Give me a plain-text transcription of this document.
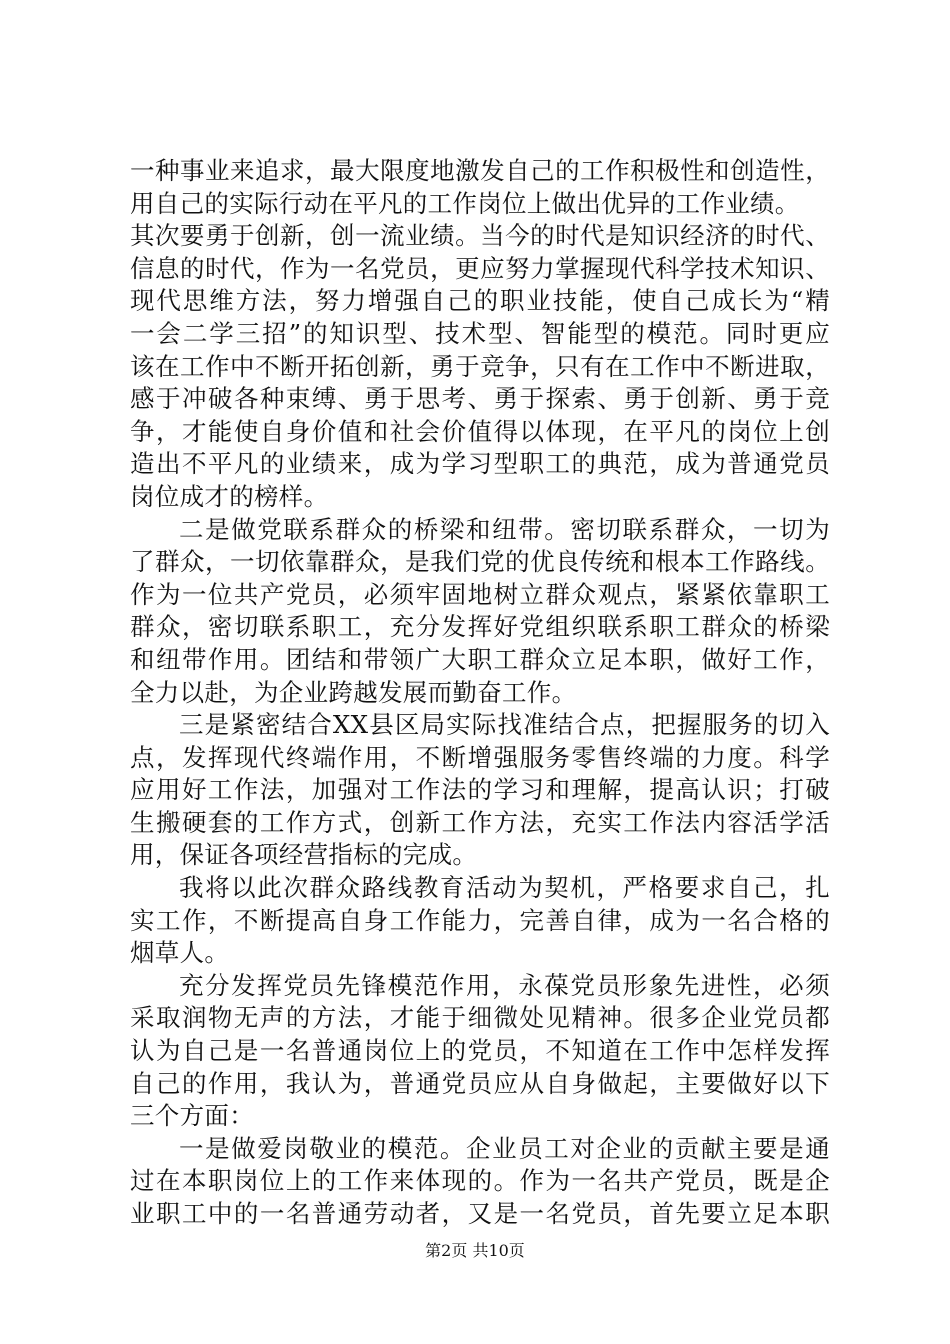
一种事业来追求，最大限度地激发自己的工作积极性和创造性，
用自己的实际行动在平凡的工作岗位上做出优异的工作业绩。
其次要勇于创新，创一流业绩。当今的时代是知识经济的时代、
信息的时代，作为一名党员，更应努力掌握现代科学技术知识、
现代思维方法，努力增强自己的职业技能，使自己成长为“精
一会二学三招”的知识型、技术型、智能型的模范。同时更应
该在工作中不断开拓创新，勇于竞争，只有在工作中不断进取，
感于冲破各种束缚、勇于思考、勇于探索、勇于创新、勇于竞
争，才能使自身价值和社会价值得以体现，在平凡的岗位上创
造出不平凡的业绩来，成为学习型职工的典范，成为普通党员
岗位成才的榜样。
二是做党联系群众的桥梁和纽带。密切联系群众，一切为
了群众，一切依靠群众，是我们党的优良传统和根本工作路线。
作为一位共产党员，必须牢固地树立群众观点，紧紧依靠职工
群众，密切联系职工，充分发挥好党组织联系职工群众的桥梁
和纽带作用。团结和带领广大职工群众立足本职，做好工作，
全力以赴，为企业跨越发展而勤奋工作。
三是紧密结合XX县区局实际找准结合点，把握服务的切入
点，发挥现代终端作用，不断增强服务零售终端的力度。科学
应用好工作法，加强对工作法的学习和理解，提高认识；打破
生搬硬套的工作方式，创新工作方法，充实工作法内容活学活
用，保证各项经营指标的完成。
我将以此次群众路线教育活动为契机，严格要求自己，扎
实工作，不断提高自身工作能力，完善自律，成为一名合格的
烟草人。
充分发挥党员先锋模范作用，永葆党员形象先进性，必须
采取润物无声的方法，才能于细微处见精神。很多企业党员都
认为自己是一名普通岗位上的党员，不知道在工作中怎样发挥
自己的作用，我认为，普通党员应从自身做起，主要做好以下
三个方面：
一是做爱岗敬业的模范。企业员工对企业的贡献主要是通
过在本职岗位上的工作来体现的。作为一名共产党员，既是企
业职工中的一名普通劳动者，又是一名党员，首先要立足本职
第2页 共10页
